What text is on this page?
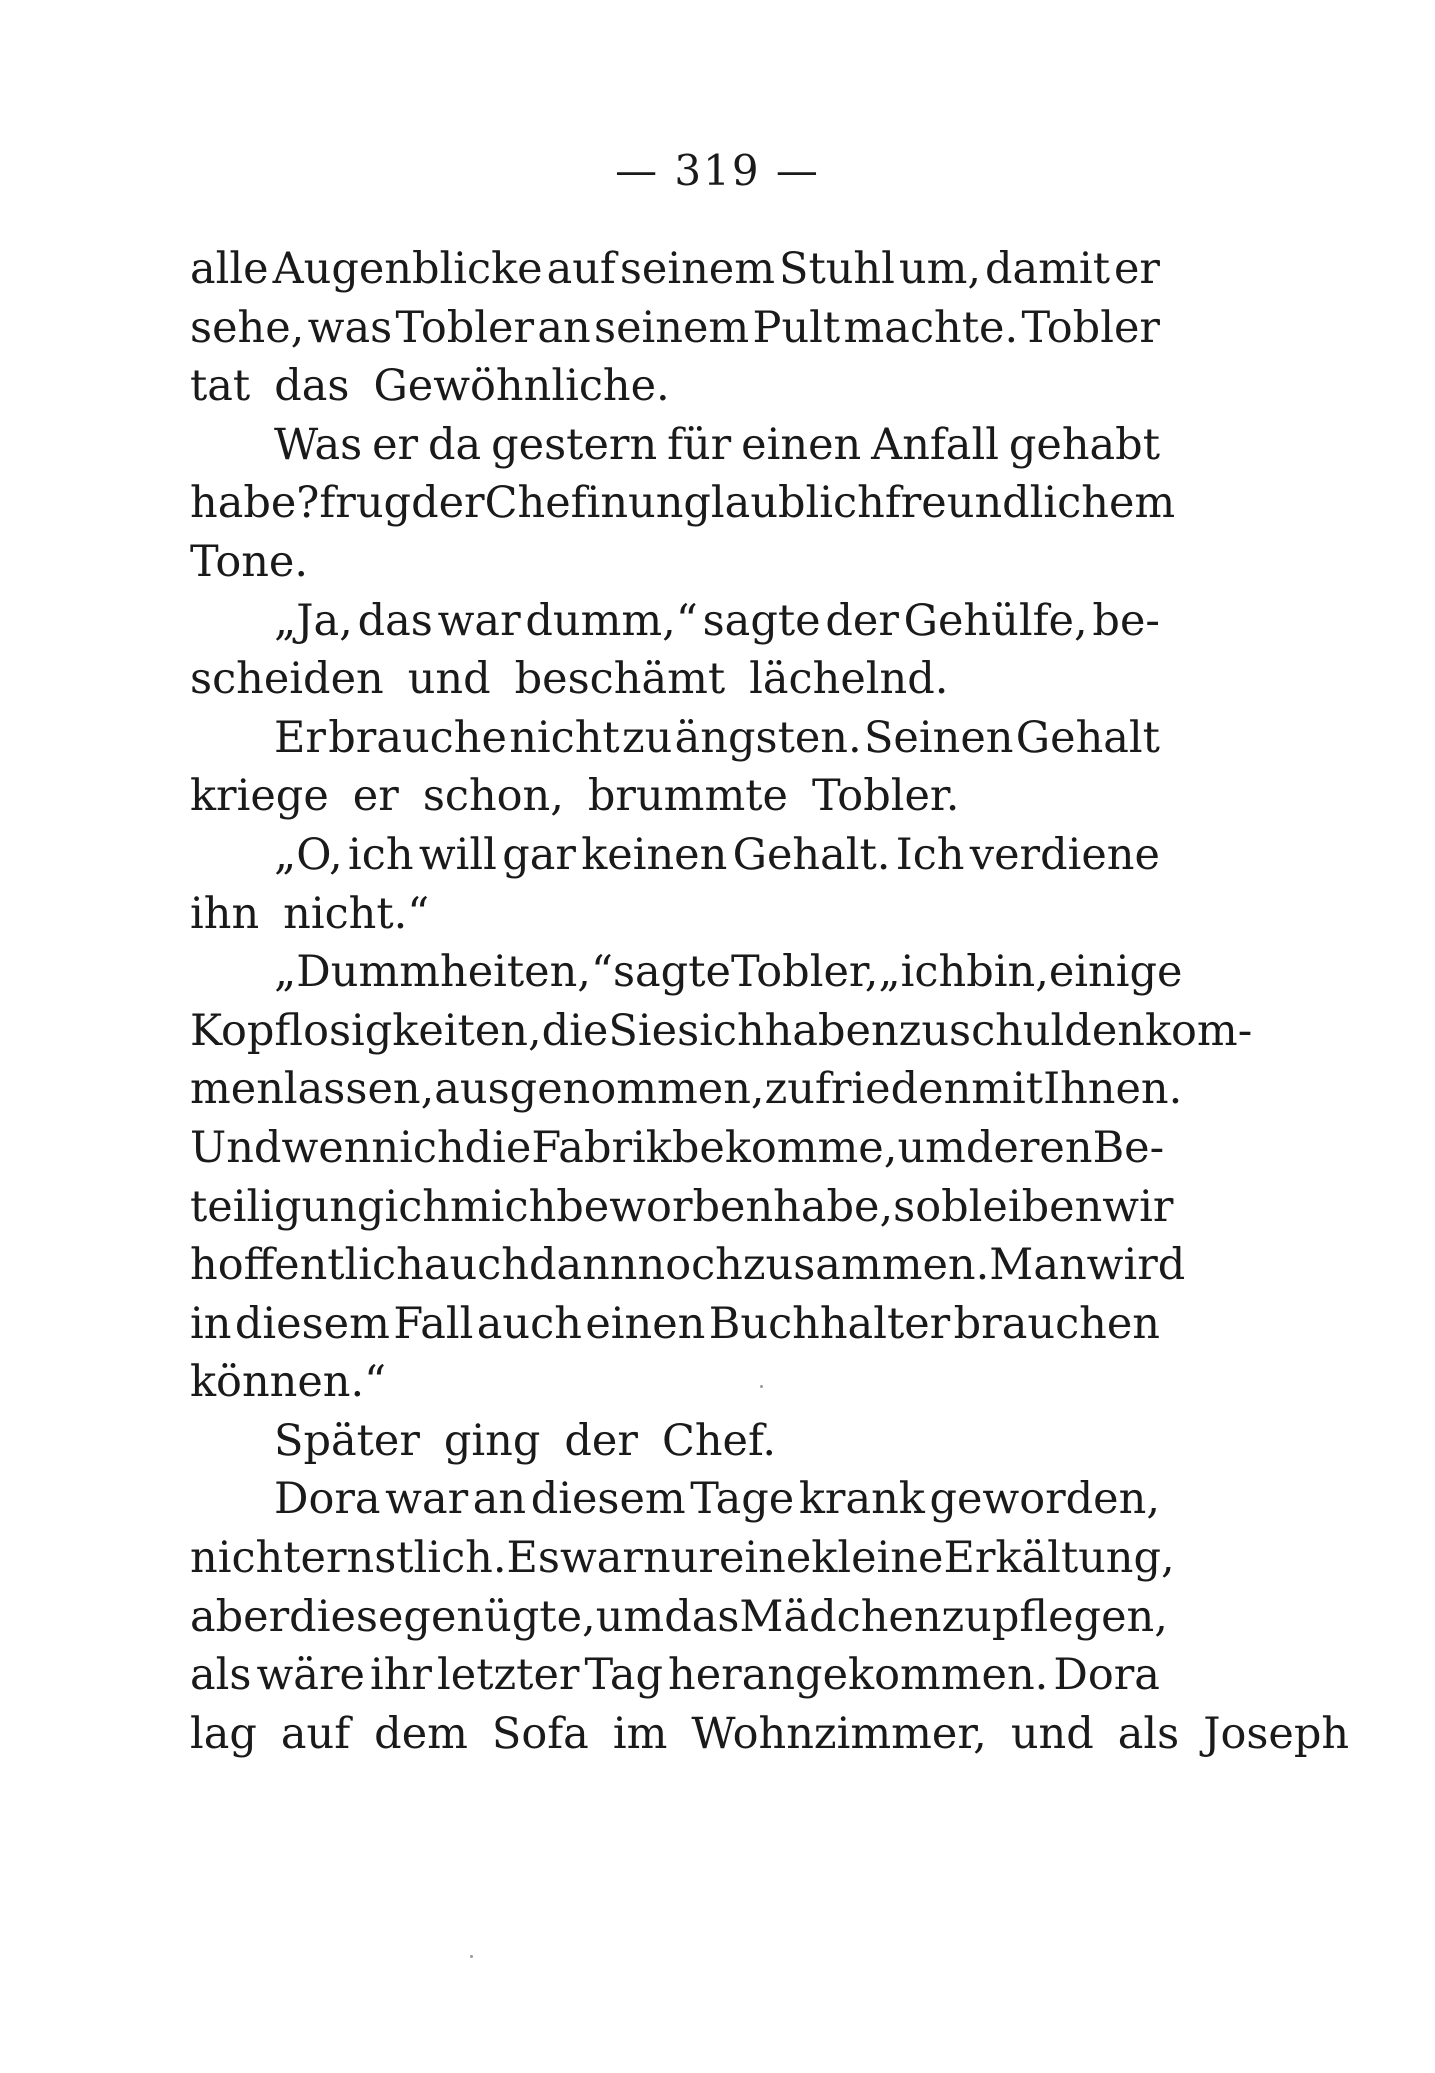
— 319 —
alle Augenblicke auf seinem Stuhl um, damit er
sehe, was Tobler an seinem Pult machte. Tobler
tat das Gewöhnliche.
Was er da gestern für einen Anfall gehabt
habe? frug der Chef in unglaublich freundlichem
Tone.
„Ja, das war dumm,“ sagte der Gehülfe, be-
scheiden und beschämt lächelnd.
Er brauche nicht zu ängsten. Seinen Gehalt
kriege er schon, brummte Tobler.
„O, ich will gar keinen Gehalt. Ich verdiene
ihn nicht.“
„Dummheiten,“ sagte Tobler, „ich bin, einige
Kopflosigkeiten, die Sie sich haben zuschulden kom-
men lassen, ausgenommen, zufrieden mit Ihnen.
Und wenn ich die Fabrik bekomme, um deren Be-
teiligung ich mich beworben habe, so bleiben wir
hoffentlich auch dann noch zusammen. Man wird
in diesem Fall auch einen Buchhalter brauchen
können.“
Später ging der Chef.
Dora war an diesem Tage krank geworden,
nicht ernstlich. Es war nur eine kleine Erkältung,
aber diese genügte, um das Mädchen zu pflegen,
als wäre ihr letzter Tag herangekommen. Dora
lag auf dem Sofa im Wohnzimmer, und als Joseph
